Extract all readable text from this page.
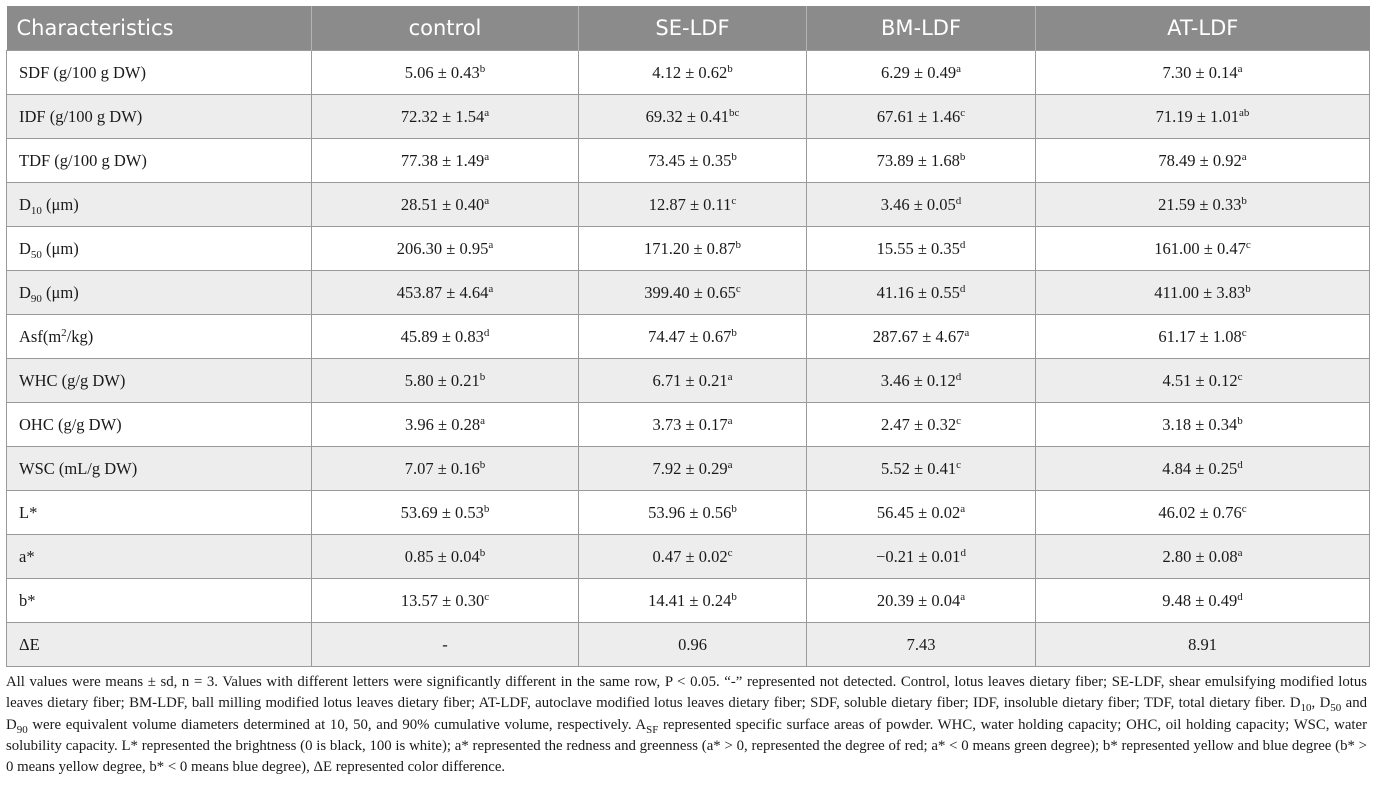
Characteristics	control	SE-LDF	BM-LDF	AT-LDF
SDF (g/100 g DW)	5.06 ± 0.43$^b$	4.12 ± 0.62$^b$	6.29 ± 0.49$^a$	7.30 ± 0.14$^a$
IDF (g/100 g DW)	72.32 ± 1.54$^a$	69.32 ± 0.41$^{bc}$	67.61 ± 1.46$^c$	71.19 ± 1.01$^{ab}$
TDF (g/100 g DW)	77.38 ± 1.49$^a$	73.45 ± 0.35$^b$	73.89 ± 1.68$^b$	78.49 ± 0.92$^a$
$D_{10}$ (μm)	28.51 ± 0.40$^a$	12.87 ± 0.11$^c$	3.46 ± 0.05$^d$	21.59 ± 0.33$^b$
$D_{50}$ (μm)	206.30 ± 0.95$^a$	171.20 ± 0.87$^b$	15.55 ± 0.35$^d$	161.00 ± 0.47$^c$
$D_{90}$ (μm)	453.87 ± 4.64$^a$	399.40 ± 0.65$^c$	41.16 ± 0.55$^d$	411.00 ± 3.83$^b$
$Asf(m^2/kg)$	45.89 ± 0.83$^d$	74.47 ± 0.67$^b$	287.67 ± 4.67$^a$	61.17 ± 1.08$^c$
WHC (g/g DW)	5.80 ± 0.21$^b$	6.71 ± 0.21$^a$	3.46 ± 0.12$^d$	4.51 ± 0.12$^c$
OHC (g/g DW)	3.96 ± 0.28$^a$	3.73 ± 0.17$^a$	2.47 ± 0.32$^c$	3.18 ± 0.34$^b$
WSC (mL/g DW)	7.07 ± 0.16$^b$	7.92 ± 0.29$^a$	5.52 ± 0.41$^c$	4.84 ± 0.25$^d$
L*	53.69 ± 0.53$^b$	53.96 ± 0.56$^b$	56.45 ± 0.02$^a$	46.02 ± 0.76$^c$
a*	0.85 ± 0.04$^b$	0.47 ± 0.02$^c$	−0.21 ± 0.01$^d$	2.80 ± 0.08$^a$
b*	13.57 ± 0.30$^c$	14.41 ± 0.24$^b$	20.39 ± 0.04$^a$	9.48 ± 0.49$^d$
ΔE	-	0.96	7.43	8.91
All values were means ± sd, n = 3. Values with different letters were significantly different in the same row, P < 0.05. “-” represented not detected. Control, lotus leaves dietary fiber; SE-LDF, shear emulsifying modified lotus leaves dietary fiber; BM-LDF, ball milling modified lotus leaves dietary fiber; AT-LDF, autoclave modified lotus leaves dietary fiber; SDF, soluble dietary fiber; IDF, insoluble dietary fiber; TDF, total dietary fiber. $D_{10}$, $D_{50}$ and $D_{90}$ were equivalent volume diameters determined at 10, 50, and 90% cumulative volume, respectively. $A_{SF}$ represented specific surface areas of powder. WHC, water holding capacity; OHC, oil holding capacity; WSC, water solubility capacity. L* represented the brightness (0 is black, 100 is white); a* represented the redness and greenness (a* > 0, represented the degree of red; a* < 0 means green degree); b* represented yellow and blue degree (b* > 0 means yellow degree, b* < 0 means blue degree), ΔE represented color difference.
